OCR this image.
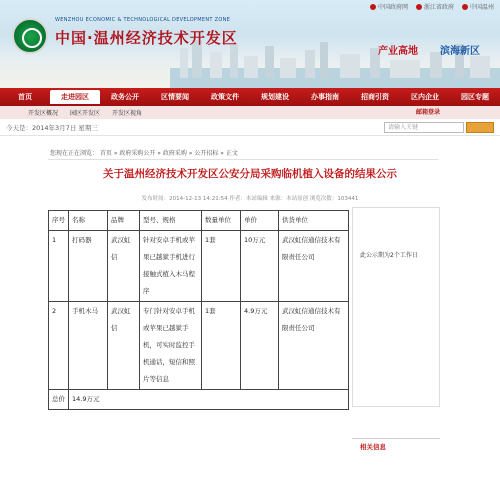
中国政府网	浙江省政府	中国温州
WENZHOU ECONOMIC & TECHNOLOGICAL DEVELOPMENT ZONE
中国·温州经济技术开发区
产业高地 滨海新区
首页	走进园区	政务公开	区情要闻	政策文件	规划建设	办事指南	招商引资	区内企业	园区专题
开发区概况 园区开发区 开发区视角	邮箱登录
今天是：2014年3月7日 星期三	请输入关键
您现在正在浏览： 首页 » 政府采购公开 » 政府采购 » 公开招标 » 正文
关于温州经济技术开发区公安分局采购临机植入设备的结果公示
发布时间：2014-12-13 14:21:54 作者：本站编辑 来源：本站原创 浏览次数：103441
序号	名称	品牌	型号、规格	数量单位	单价	供货单位
1	打码器	武汉虹信	针对安卓手机或苹果已越狱手机进行接触式植入木马程序	1套	10万元	武汉虹信通信技术有限责任公司
2	手机木马	武汉虹信	专门针对安卓手机或苹果已越狱手机，可实时监控手机通话，短信和照片等信息	1套	4.9万元	武汉虹信通信技术有限责任公司
总价	14.9万元					
此公示期为2个工作日
相关信息
